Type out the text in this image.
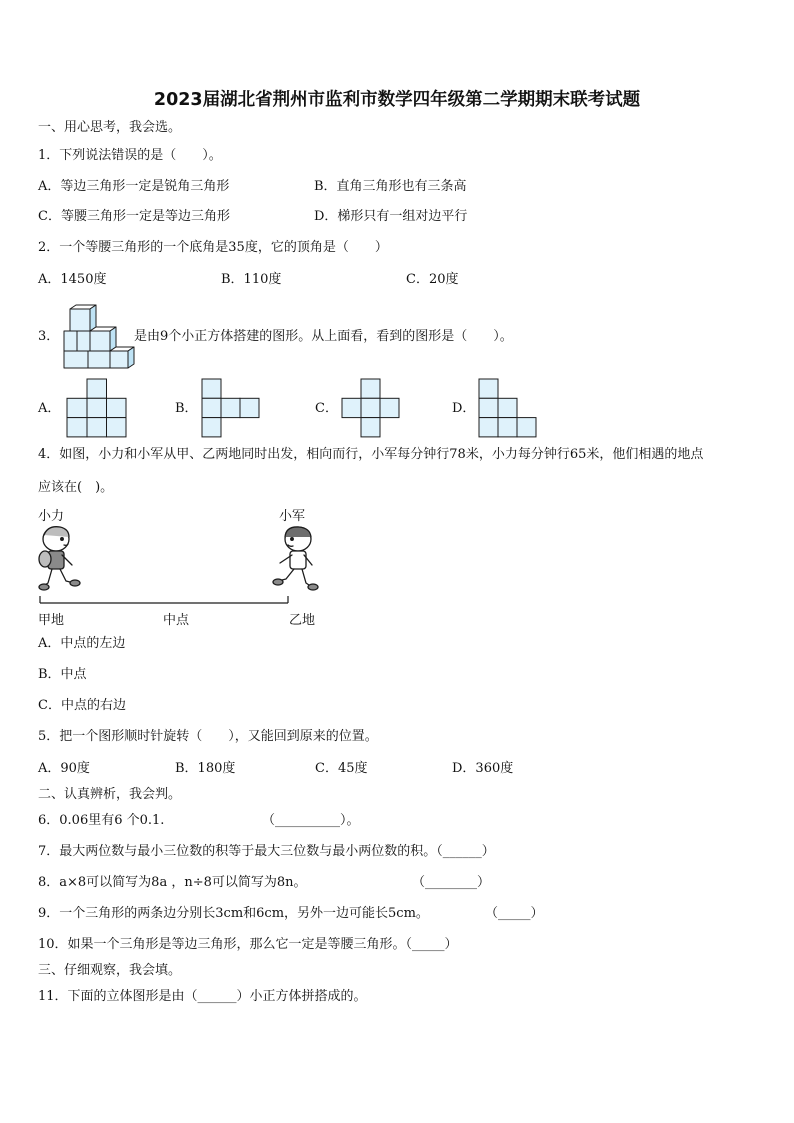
2023届湖北省荆州市监利市数学四年级第二学期期末联考试题
一、用心思考，我会选。
1．下列说法错误的是（　　）。
A．等边三角形一定是锐角三角形	B．直角三角形也有三条高
C．等腰三角形一定是等边三角形	D．梯形只有一组对边平行
2．一个等腰三角形的一个底角是35度，它的顶角是（　　）
A．1450度	B．110度	C．20度
3．	是由9个小正方体搭建的图形。从上面看，看到的图形是（　　）。
A．	B．	C．	D．
4．如图，小力和小军从甲、乙两地同时出发，相向而行，小军每分钟行78米，小力每分钟行65米，他们相遇的地点
应该在(　)。
小力	小军
甲地	中点	乙地
A．中点的左边
B．中点
C．中点的右边
5．把一个图形顺时针旋转（　　），又能回到原来的位置。
A．90度	B．180度	C．45度	D．360度
二、认真辨析，我会判。
6．0.06里有6 个0.1.	（__________）。
7．最大两位数与最小三位数的积等于最大三位数与最小两位数的积。（______）
8．a×8可以简写为8a ，n÷8可以简写为8n。	（________）
9．一个三角形的两条边分别长3cm和6cm，另外一边可能长5cm。	（_____）
10．如果一个三角形是等边三角形，那么它一定是等腰三角形。（_____）
三、仔细观察，我会填。
11．下面的立体图形是由（______）小正方体拼搭成的。
